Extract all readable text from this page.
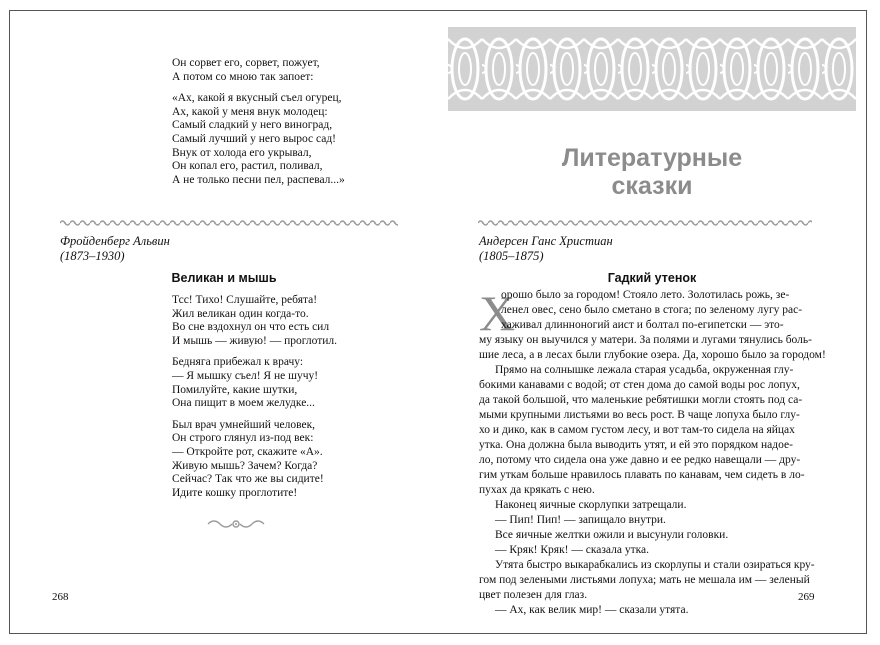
Он сорвет его, сорвет, пожует,
А потом со мною так запоет:
«Ах, какой я вкусный съел огурец,
Ах, какой у меня внук молодец:
Самый сладкий у него виноград,
Самый лучший у него вырос сад!
Внук от холода его укрывал,
Он копал его, растил, поливал,
А не только песни пел, распевал...»
Фройденберг Альвин
(1873–1930)
Великан и мышь
Тсс! Тихо! Слушайте, ребята!
Жил великан один когда-то.
Во сне вздохнул он что есть сил
И мышь — живую! — проглотил.
Бедняга прибежал к врачу:
— Я мышку съел! Я не шучу!
Помилуйте, какие шутки,
Она пищит в моем желудке...
Был врач умнейший человек,
Он строго глянул из-под век:
— Откройте рот, скажите «А».
Живую мышь? Зачем? Когда?
Сейчас? Так что же вы сидите!
Идите кошку проглотите!
268
Литературные
сказки
Андерсен Ганс Христиан
(1805–1875)
Гадкий утенок
Х
орошо было за городом! Стояло лето. Золотилась рожь, зе-
ленел овес, сено было сметано в стога; по зеленому лугу рас-
хаживал длинноногий аист и болтал по-египетски — это-
му языку он выучился у матери. За полями и лугами тянулись боль-
шие леса, а в лесах были глубокие озера. Да, хорошо было за городом!
Прямо на солнышке лежала старая усадьба, окруженная глу-
бокими канавами с водой; от стен дома до самой воды рос лопух,
да такой большой, что маленькие ребятишки могли стоять под са-
мыми крупными листьями во весь рост. В чаще лопуха было глу-
хо и дико, как в самом густом лесу, и вот там-то сидела на яйцах
утка. Она должна была выводить утят, и ей это порядком надое-
ло, потому что сидела она уже давно и ее редко навещали — дру-
гим уткам больше нравилось плавать по канавам, чем сидеть в ло-
пухах да крякать с нею.
Наконец яичные скорлупки затрещали.
— Пип! Пип! — запищало внутри.
Все яичные желтки ожили и высунули головки.
— Кряк! Кряк! — сказала утка.
Утята быстро выкарабкались из скорлупы и стали озираться кру-
гом под зелеными листьями лопуха; мать не мешала им — зеленый
цвет полезен для глаз.
— Ах, как велик мир! — сказали утята.
269
